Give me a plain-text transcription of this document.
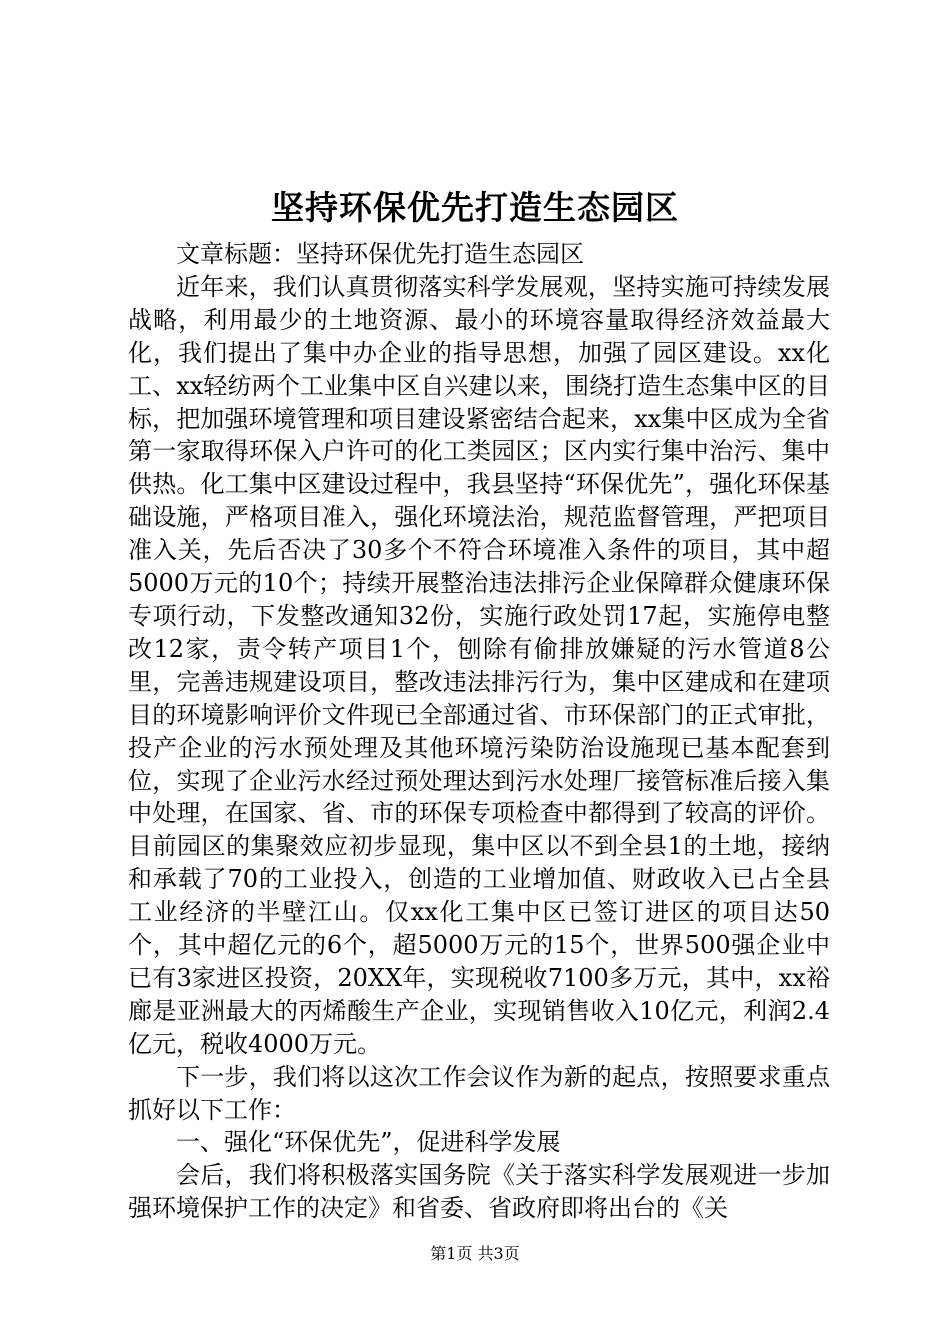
坚持环保优先打造生态园区

文章标题：坚持环保优先打造生态园区

近年来，我们认真贯彻落实科学发展观，坚持实施可持续发展战略，利用最少的土地资源、最小的环境容量取得经济效益最大化，我们提出了集中办企业的指导思想，加强了园区建设。xx化工、xx轻纺两个工业集中区自兴建以来，围绕打造生态集中区的目标，把加强环境管理和项目建设紧密结合起来，xx集中区成为全省第一家取得环保入户许可的化工类园区；区内实行集中治污、集中供热。化工集中区建设过程中，我县坚持“环保优先”，强化环保基础设施，严格项目准入，强化环境法治，规范监督管理，严把项目准入关，先后否决了30多个不符合环境准入条件的项目，其中超5000万元的10个；持续开展整治违法排污企业保障群众健康环保专项行动，下发整改通知32份，实施行政处罚17起，实施停电整改12家，责令转产项目1个，刨除有偷排放嫌疑的污水管道8公里，完善违规建设项目，整改违法排污行为，集中区建成和在建项目的环境影响评价文件现已全部通过省、市环保部门的正式审批，投产企业的污水预处理及其他环境污染防治设施现已基本配套到位，实现了企业污水经过预处理达到污水处理厂接管标准后接入集中处理，在国家、省、市的环保专项检查中都得到了较高的评价。目前园区的集聚效应初步显现，集中区以不到全县1的土地，接纳和承载了70的工业投入，创造的工业增加值、财政收入已占全县工业经济的半壁江山。仅xx化工集中区已签订进区的项目达50个，其中超亿元的6个，超5000万元的15个，世界500强企业中已有3家进区投资，20XX年，实现税收7100多万元，其中，xx裕廊是亚洲最大的丙烯酸生产企业，实现销售收入10亿元，利润2.4亿元，税收4000万元。

下一步，我们将以这次工作会议作为新的起点，按照要求重点抓好以下工作：

一、强化“环保优先”，促进科学发展

会后，我们将积极落实国务院《关于落实科学发展观进一步加强环境保护工作的决定》和省委、省政府即将出台的《关

第1页 共3页
